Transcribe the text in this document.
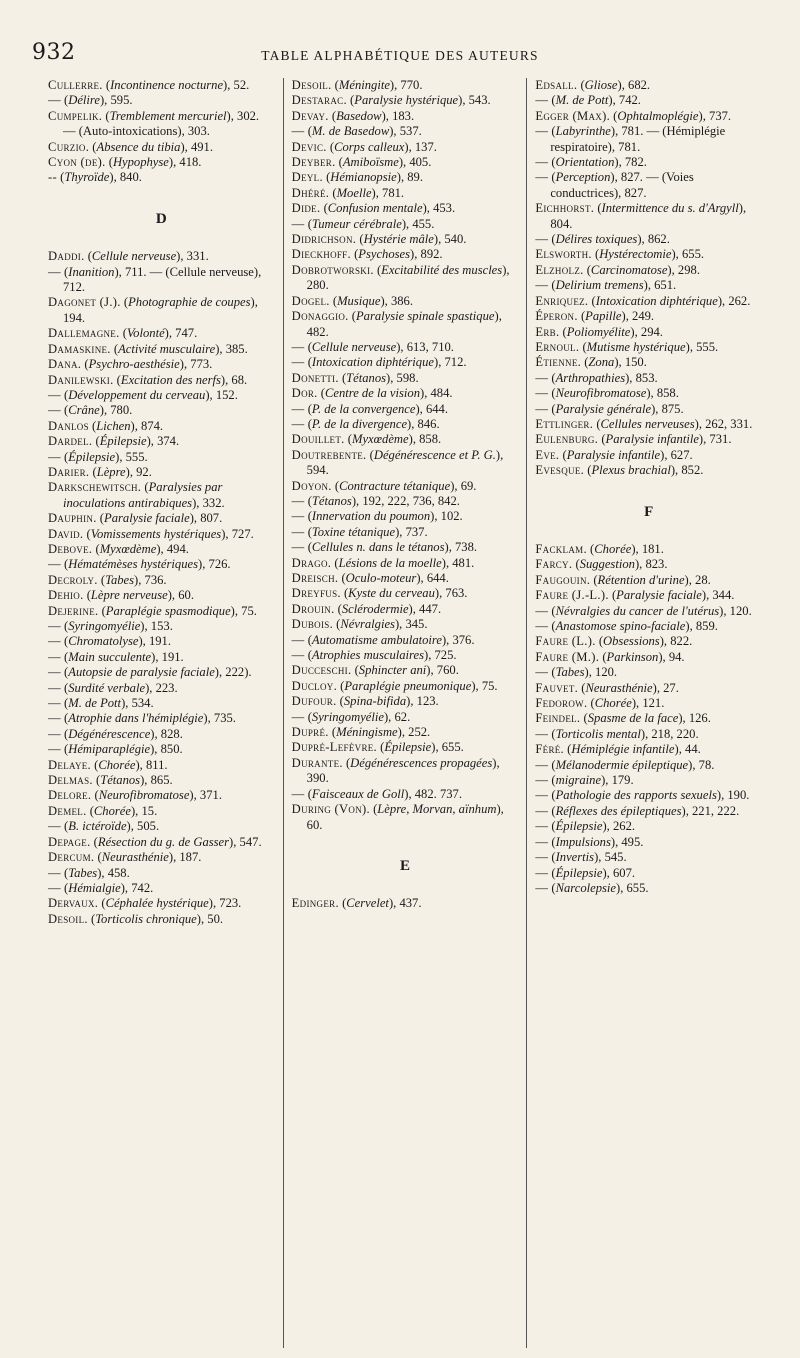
932	TABLE ALPHABÉTIQUE DES AUTEURS

Cullerre. (Incontinence nocturne), 52.

— (Délire), 595.

Cumpelik. (Tremblement mercuriel), 302. — (Auto-intoxications), 303.

Curzio. (Absence du tibia), 491.

Cyon (de). (Hypophyse), 418.

-- (Thyroïde), 840.

D

Daddi. (Cellule nerveuse), 331.

— (Inanition), 711. — (Cellule nerveuse), 712.

Dagonet (J.). (Photographie de coupes), 194.

Dallemagne. (Volonté), 747.

Damaskine. (Activité musculaire), 385.

Dana. (Psychro-aesthésie), 773.

Danilewski. (Excitation des nerfs), 68.

— (Développement du cerveau), 152.

— (Crâne), 780.

Danlos (Lichen), 874.

Dardel. (Épilepsie), 374.

— (Épilepsie), 555.

Darier. (Lèpre), 92.

Darkschewitsch. (Paralysies par inoculations antirabiques), 332.

Dauphin. (Paralysie faciale), 807.

David. (Vomissements hystériques), 727.

Debove. (Myxœdème), 494.

— (Hématémèses hystériques), 726.

Decroly. (Tabes), 736.

Dehio. (Lèpre nerveuse), 60.

Dejerine. (Paraplégie spasmodique), 75.

— (Syringomyélie), 153.

— (Chromatolyse), 191.

— (Main succulente), 191.

— (Autopsie de paralysie faciale), 222).

— (Surdité verbale), 223.

— (M. de Pott), 534.

— (Atrophie dans l'hémiplégie), 735.

— (Dégénérescence), 828.

— (Hémiparaplégie), 850.

Delaye. (Chorée), 811.

Delmas. (Tétanos), 865.

Delore. (Neurofibromatose), 371.

Demel. (Chorée), 15.

— (B. ictéroïde), 505.

Depage. (Résection du g. de Gasser), 547.

Dercum. (Neurasthénie), 187.

— (Tabes), 458.

— (Hémialgie), 742.

Dervaux. (Céphalée hystérique), 723.

Desoil. (Torticolis chronique), 50.

Desoil. (Méningite), 770.

Destarac. (Paralysie hystérique), 543.

Devay. (Basedow), 183.

— (M. de Basedow), 537.

Devic. (Corps calleux), 137.

Deyber. (Amiboïsme), 405.

Deyl. (Hémianopsie), 89.

Dhéré. (Moelle), 781.

Dide. (Confusion mentale), 453.

— (Tumeur cérébrale), 455.

Didrichson. (Hystérie mâle), 540.

Dieckhoff. (Psychoses), 892.

Dobrotworski. (Excitabilité des muscles), 280.

Dogel. (Musique), 386.

Donaggio. (Paralysie spinale spastique), 482.

— (Cellule nerveuse), 613, 710.

— (Intoxication diphtérique), 712.

Donetti. (Tétanos), 598.

Dor. (Centre de la vision), 484.

— (P. de la convergence), 644.

— (P. de la divergence), 846.

Douillet. (Myxœdème), 858.

Doutrebente. (Dégénérescence et P. G.), 594.

Doyon. (Contracture tétanique), 69.

— (Tétanos), 192, 222, 736, 842.

— (Innervation du poumon), 102.

— (Toxine tétanique), 737.

— (Cellules n. dans le tétanos), 738.

Drago. (Lésions de la moelle), 481.

Dreisch. (Oculo-moteur), 644.

Dreyfus. (Kyste du cerveau), 763.

Drouin. (Sclérodermie), 447.

Dubois. (Névralgies), 345.

— (Automatisme ambulatoire), 376.

— (Atrophies musculaires), 725.

Ducceschi. (Sphincter ani), 760.

Ducloy. (Paraplégie pneumonique), 75.

Dufour. (Spina-bifida), 123.

— (Syringomyélie), 62.

Dupré. (Méningisme), 252.

Dupré-Lefèvre. (Épilepsie), 655.

Durante. (Dégénérescences propagées), 390.

— (Faisceaux de Goll), 482. 737.

During (Von). (Lèpre, Morvan, aïnhum), 60.

E

Edinger. (Cervelet), 437.

Edsall. (Gliose), 682.

— (M. de Pott), 742.

Egger (Max). (Ophtalmoplégie), 737.

— (Labyrinthe), 781. — (Hémiplégie respiratoire), 781.

— (Orientation), 782.

— (Perception), 827. — (Voies conductrices), 827.

Eichhorst. (Intermittence du s. d'Argyll), 804.

— (Délires toxiques), 862.

Elsworth. (Hystérectomie), 655.

Elzholz. (Carcinomatose), 298.

— (Delirium tremens), 651.

Enriquez. (Intoxication diphtérique), 262.

Éperon. (Papille), 249.

Erb. (Poliomyélite), 294.

Ernoul. (Mutisme hystérique), 555.

Étienne. (Zona), 150.

— (Arthropathies), 853.

— (Neurofibromatose), 858.

— (Paralysie générale), 875.

Ettlinger. (Cellules nerveuses), 262, 331.

Eulenburg. (Paralysie infantile), 731.

Eve. (Paralysie infantile), 627.

Evesque. (Plexus brachial), 852.

F

Facklam. (Chorée), 181.

Farcy. (Suggestion), 823.

Faugouin. (Rétention d'urine), 28.

Faure (J.-L.). (Paralysie faciale), 344.

— (Névralgies du cancer de l'utérus), 120.

— (Anastomose spino-faciale), 859.

Faure (L.). (Obsessions), 822.

Faure (M.). (Parkinson), 94.

— (Tabes), 120.

Fauvet. (Neurasthénie), 27.

Fedorow. (Chorée), 121.

Feindel. (Spasme de la face), 126.

— (Torticolis mental), 218, 220.

Féré. (Hémiplégie infantile), 44.

— (Mélanodermie épileptique), 78.

— (migraine), 179.

— (Pathologie des rapports sexuels), 190.

— (Réflexes des épileptiques), 221, 222.

— (Épilepsie), 262.

— (Impulsions), 495.

— (Invertis), 545.

— (Épilepsie), 607.

— (Narcolepsie), 655.
